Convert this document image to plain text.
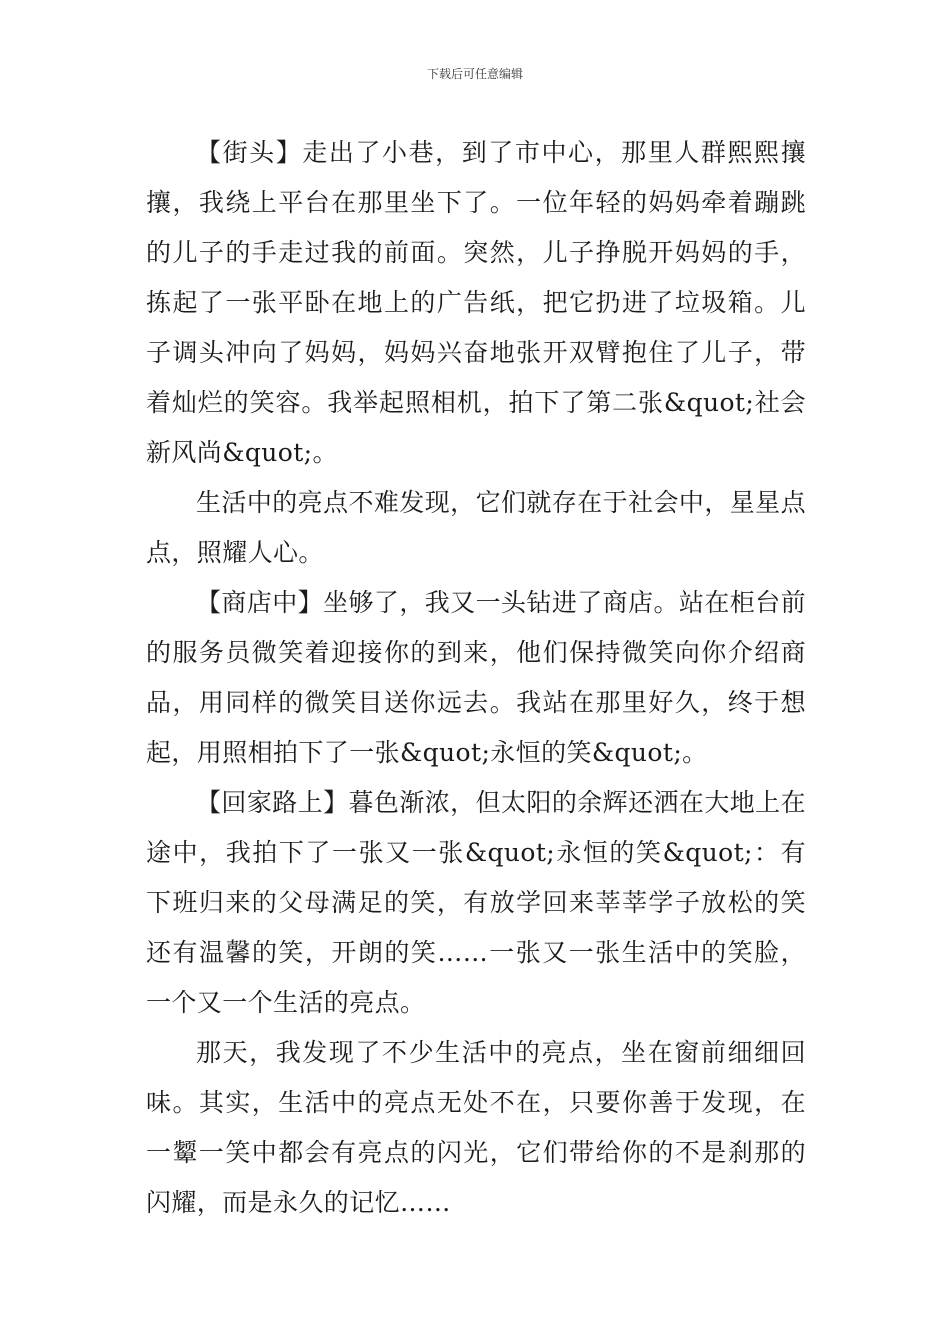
下载后可任意编辑

【街头】走出了小巷，到了市中心，那里人群熙熙攘攘，我绕上平台在那里坐下了。一位年轻的妈妈牵着蹦跳的儿子的手走过我的前面。突然，儿子挣脱开妈妈的手，拣起了一张平卧在地上的广告纸，把它扔进了垃圾箱。儿子调头冲向了妈妈，妈妈兴奋地张开双臂抱住了儿子，带着灿烂的笑容。我举起照相机，拍下了第二张&quot;社会新风尚&quot;。

生活中的亮点不难发现，它们就存在于社会中，星星点点，照耀人心。

【商店中】坐够了，我又一头钻进了商店。站在柜台前的服务员微笑着迎接你的到来，他们保持微笑向你介绍商品，用同样的微笑目送你远去。我站在那里好久，终于想起，用照相拍下了一张&quot;永恒的笑&quot;。

【回家路上】暮色渐浓，但太阳的余辉还洒在大地上在途中，我拍下了一张又一张&quot;永恒的笑&quot;：有下班归来的父母满足的笑，有放学回来莘莘学子放松的笑还有温馨的笑，开朗的笑……一张又一张生活中的笑脸，一个又一个生活的亮点。

那天，我发现了不少生活中的亮点，坐在窗前细细回味。其实，生活中的亮点无处不在，只要你善于发现，在一颦一笑中都会有亮点的闪光，它们带给你的不是刹那的闪耀，而是永久的记忆……
